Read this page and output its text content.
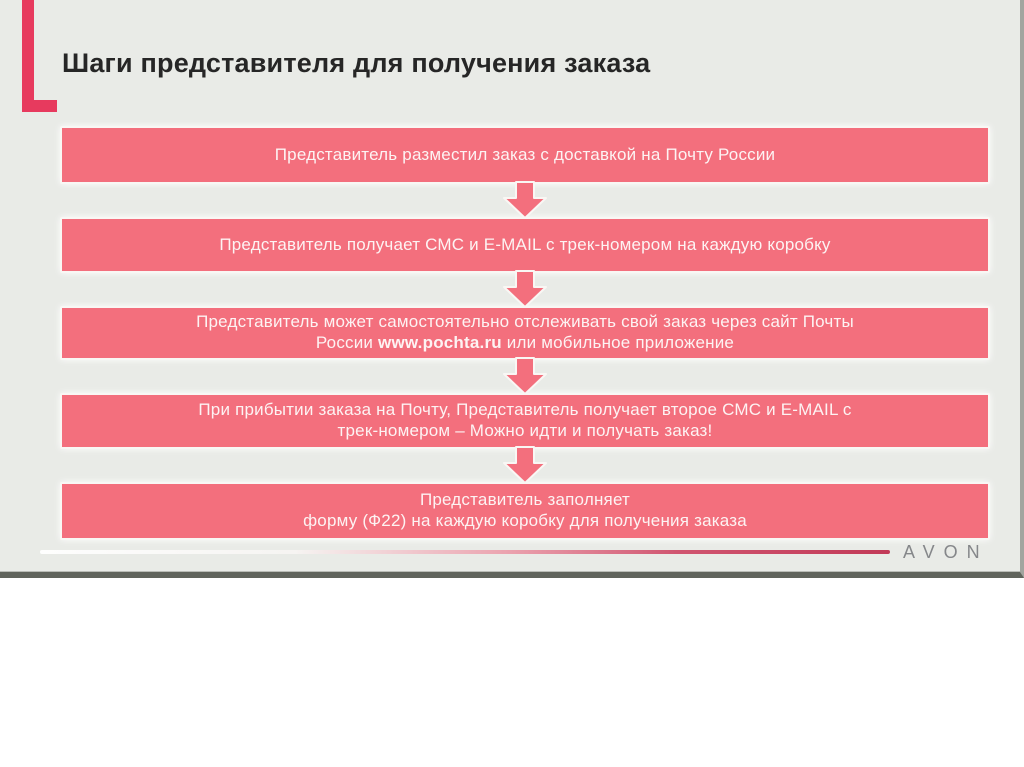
Шаги представителя для получения заказа
Представитель разместил заказ с доставкой на Почту России
Представитель получает СМС и E-MAIL с трек-номером на каждую коробку
Представитель может самостоятельно отслеживать свой заказ через сайт Почты
России www.pochta.ru или мобильное приложение
При прибытии заказа на Почту, Представитель получает второе СМС и E-MAIL с
трек-номером – Можно идти и получать заказ!
Представитель заполняет
форму (Ф22) на каждую коробку для получения заказа
AVON
